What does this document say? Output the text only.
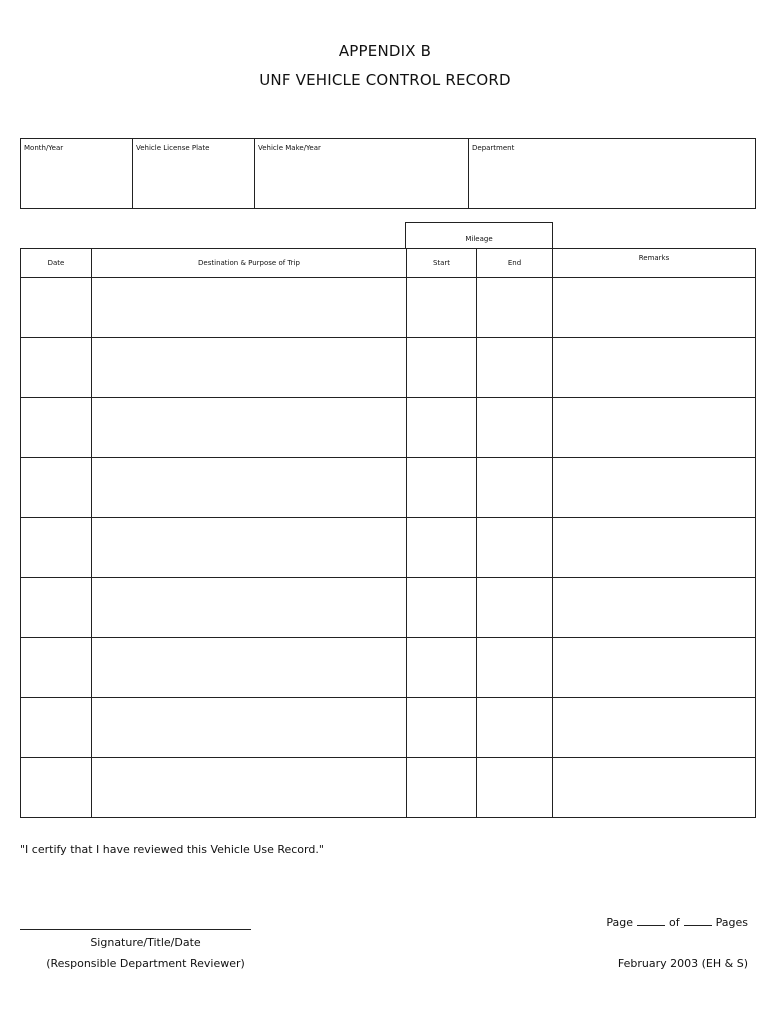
APPENDIX B
UNF VEHICLE CONTROL RECORD
Month/Year	Vehicle License Plate	Vehicle Make/Year	Department
Mileage
Date	Destination & Purpose of Trip	Start	End	Remarks

"I certify that I have reviewed this Vehicle Use Record."
Signature/Title/Date
(Responsible Department Reviewer)
Page	of	Pages
February 2003 (EH & S)
